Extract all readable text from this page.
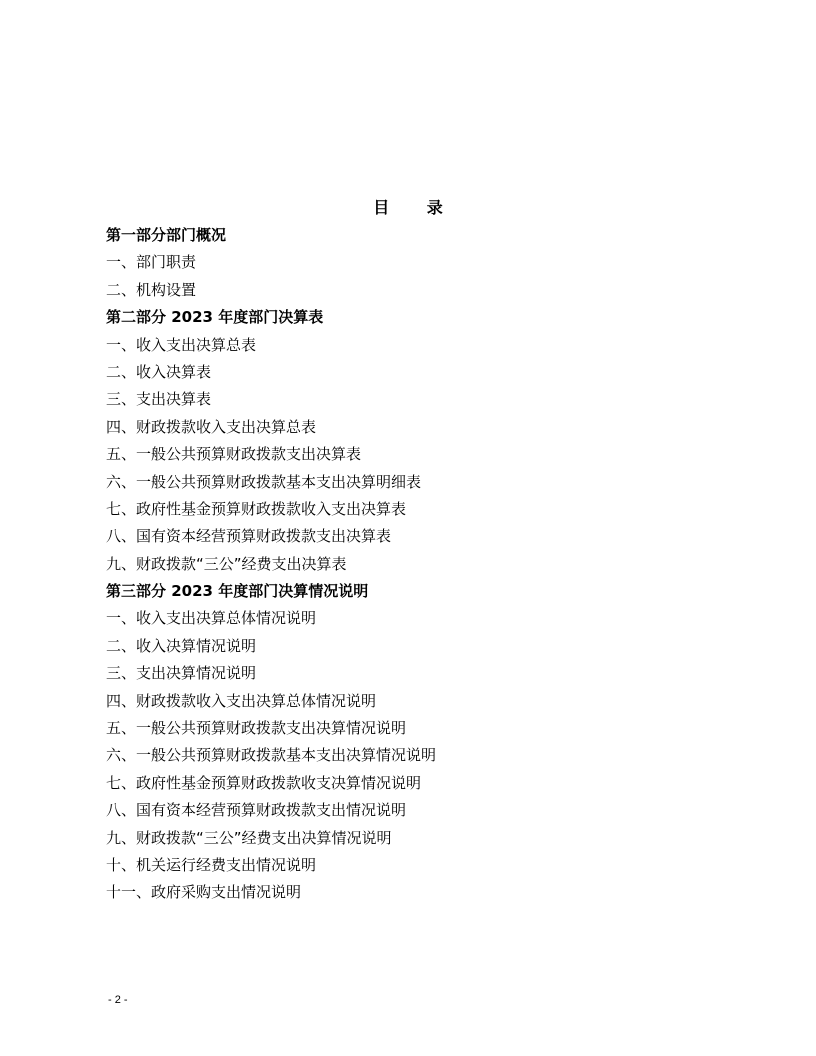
目 录
第一部分部门概况
一、部门职责
二、机构设置
第二部分 2023 年度部门决算表
一、收入支出决算总表
二、收入决算表
三、支出决算表
四、财政拨款收入支出决算总表
五、一般公共预算财政拨款支出决算表
六、一般公共预算财政拨款基本支出决算明细表
七、政府性基金预算财政拨款收入支出决算表
八、国有资本经营预算财政拨款支出决算表
九、财政拨款“三公”经费支出决算表
第三部分 2023 年度部门决算情况说明
一、收入支出决算总体情况说明
二、收入决算情况说明
三、支出决算情况说明
四、财政拨款收入支出决算总体情况说明
五、一般公共预算财政拨款支出决算情况说明
六、一般公共预算财政拨款基本支出决算情况说明
七、政府性基金预算财政拨款收支决算情况说明
八、国有资本经营预算财政拨款支出情况说明
九、财政拨款“三公”经费支出决算情况说明
十、机关运行经费支出情况说明
十一、政府采购支出情况说明
- 2 -
